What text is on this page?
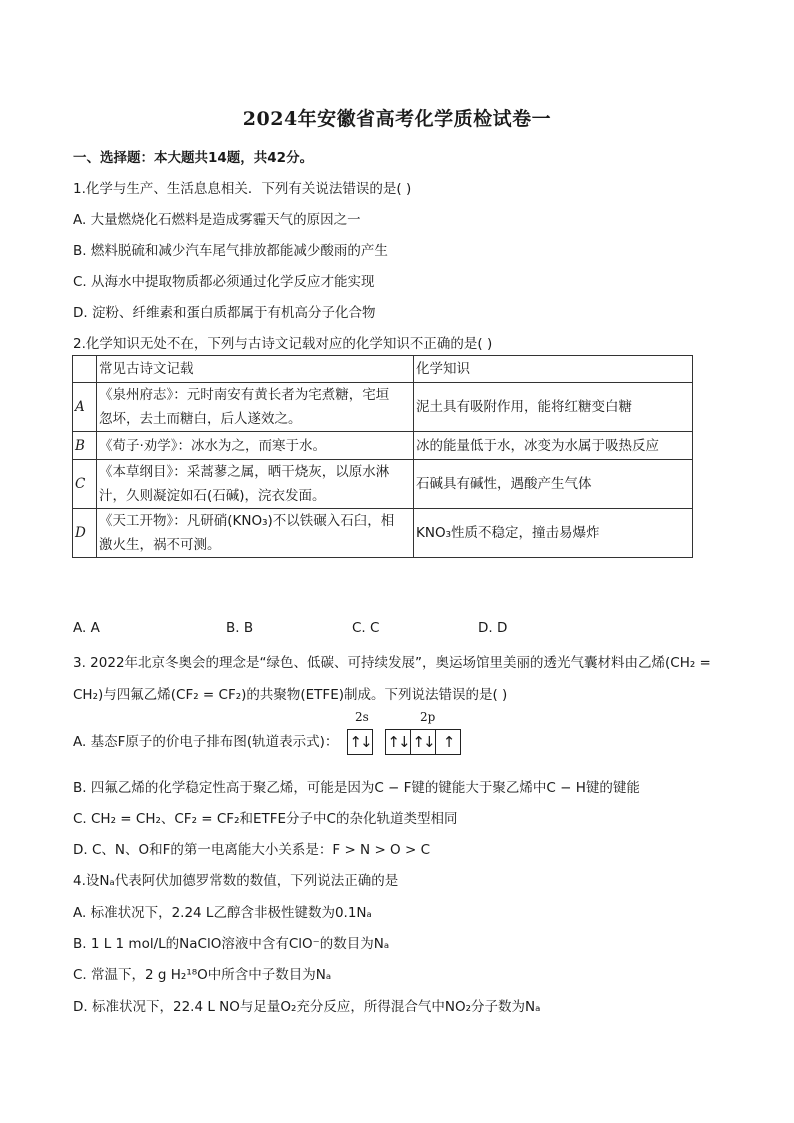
2024年安徽省高考化学质检试卷一
一、选择题：本大题共14题，共42分。
1.化学与生产、生活息息相关．下列有关说法错误的是( )
A. 大量燃烧化石燃料是造成雾霾天气的原因之一
B. 燃料脱硫和减少汽车尾气排放都能减少酸雨的产生
C. 从海水中提取物质都必须通过化学反应才能实现
D. 淀粉、纤维素和蛋白质都属于有机高分子化合物
2.化学知识无处不在，下列与古诗文记载对应的化学知识不正确的是( )
	常见古诗文记载	化学知识
A	《泉州府志》：元时南安有黄长者为宅煮糖，宅垣
忽坏，去土而糖白，后人遂效之。	泥土具有吸附作用，能将红糖变白糖
B	《荀子·劝学》：冰水为之，而寒于水。	冰的能量低于水，冰变为水属于吸热反应
C	《本草纲目》：采蒿蓼之属，晒干烧灰，以原水淋
汁，久则凝淀如石(石碱)，浣衣发面。	石碱具有碱性，遇酸产生气体
D	《天工开物》：凡研硝(KNO₃)不以铁碾入石臼，相
激火生，祸不可测。	KNO₃性质不稳定，撞击易爆炸
A. A	B. B	C. C	D. D
3. 2022年北京冬奥会的理念是“绿色、低碳、可持续发展”，奥运场馆里美丽的透光气囊材料由乙烯(CH₂ =
CH₂)与四氟乙烯(CF₂ = CF₂)的共聚物(ETFE)制成。下列说法错误的是( )
A. 基态F原子的价电子排布图(轨道表示式)：
2s	2p
↑↓ ↑↓ ↑↓ ↑
B. 四氟乙烯的化学稳定性高于聚乙烯，可能是因为C − F键的键能大于聚乙烯中C − H键的键能
C. CH₂ = CH₂、CF₂ = CF₂和ETFE分子中C的杂化轨道类型相同
D. C、N、O和F的第一电离能大小关系是：F > N > O > C
4.设Nₐ代表阿伏加德罗常数的数值，下列说法正确的是
A. 标准状况下，2.24 L乙醇含非极性键数为0.1Nₐ
B. 1 L 1 mol/L的NaClO溶液中含有ClO⁻的数目为Nₐ
C. 常温下，2 g H₂¹⁸O中所含中子数目为Nₐ
D. 标准状况下，22.4 L NO与足量O₂充分反应，所得混合气中NO₂分子数为Nₐ
